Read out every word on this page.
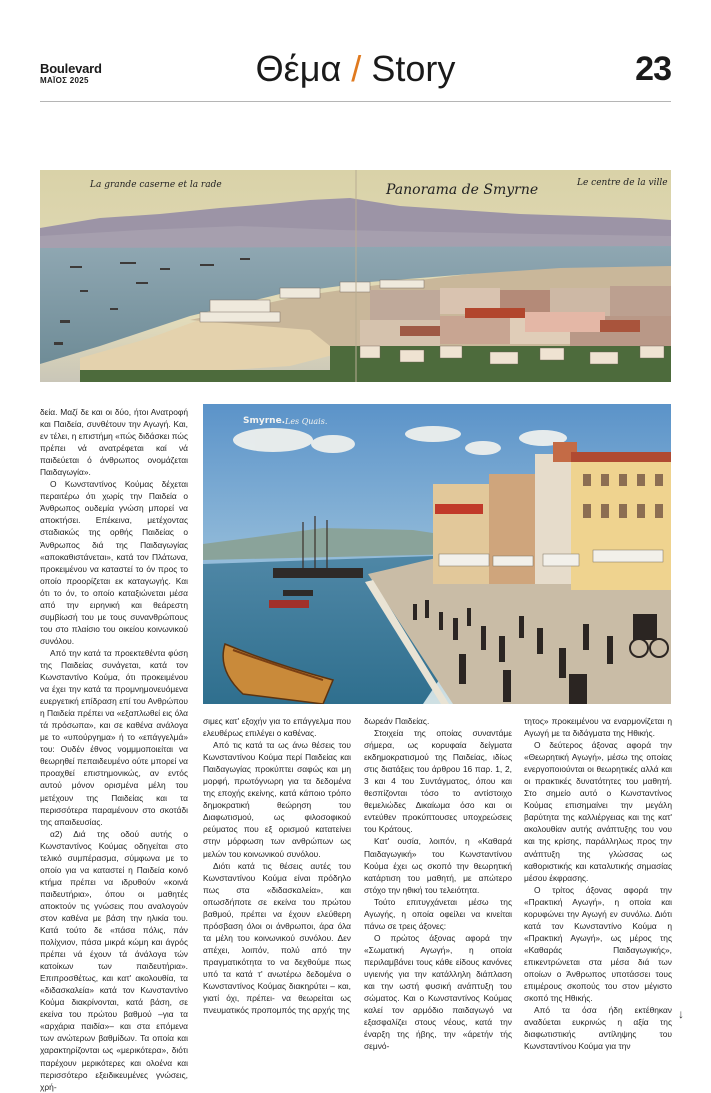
Boulevard
ΜΑΪΟΣ 2025	Θέμα / Story	23
La grande caserne et la rade	Panorama de Smyrne	Le centre de la ville
Smyrne. Les Quais.

δεία. Μαζί δε και οι δύο, ήτοι Ανατροφή και Παιδεία, συνθέτουν την Αγωγή. Και, εν τέλει, η επιστήμη «πώς διδάσκει πώς πρέπει νά ανατρέφεται καί νά παιδεύεται ό άνθρωπος ονομάζεται Παιδαγωγία».

Ο Κωνσταντίνος Κούμας δέχεται περαιτέρω ότι χωρίς την Παιδεία ο Άνθρωπος ουδεμία γνώση μπορεί να αποκτήσει. Επέκεινα, μετέχοντας σταδιακώς της ορθής Παιδείας ο Άνθρωπος διά της Παιδαγωγίας «αποκαθιστάνεται», κατά τον Πλάτωνα, προκειμένου να καταστεί το όν προς το οποίο προορίζεται εκ καταγωγής. Και ότι το όν, το οποίο καταξιώνεται μέσα από την ειρηνική και θεάρεστη συμβίωσή του με τους συνανθρώπους του στο πλαίσιο του οικείου κοινωνικού συνόλου.

Από την κατά τα προεκτεθέντα φύση της Παιδείας συνάγεται, κατά τον Κωνσταντίνο Κούμα, ότι προκειμένου να έχει την κατά τα προμνημονευόμενα ευεργετική επίδραση επί του Ανθρώπου η Παιδεία πρέπει να «εξαπλωθεί εις όλα τά πρόσωπα», και σε καθένα ανάλογα με το «υπούργημα» ή το «επάγγελμά» του: Ουδέν έθνος νομμμοποιείται να θεωρηθεί πεπαιδευμένο ούτε μπορεί να προαχθεί επιστημονικώς, αν εντός αυτού μόνον ορισμένα μέλη του μετέχουν της Παιδείας και τα περισσότερα παραμένουν στο σκοτάδι της απαιδευσίας.

α2) Διά της οδού αυτής ο Κωνσταντίνος Κούμας οδηγείται στο τελικό συμπέρασμα, σύμφωνα με το οποίο για να καταστεί η Παιδεία κοινό κτήμα πρέπει να ιδρυθούν «κοινά παιδευτήρια», όπου οι μαθητές αποκτούν τις γνώσεις που αναλογούν στον καθένα με βάση την ηλικία του. Κατά τούτο δε «πάσα πόλις, πάν πολίχνιον, πάσα μικρά κώμη και άγρός πρέπει νά έχουν τά άνάλογα τών κατοίκων των παιδευτήρια». Επιπροσθέτως, και κατ' ακολουθία, τα «διδασκαλεία» κατά τον Κωνσταντίνο Κούμα διακρίνονται, κατά βάση, σε εκείνα του πρώτου βαθμού –για τα «αρχάρια παιδία»– και στα επόμενα των ανώτερων βαθμίδων. Τα οποία και χαρακτηρίζονται ως «μερικότερα», διότι παρέχουν μερικότερες και ολοένα και περισσότερο εξειδικευμένες γνώσεις, χρή-

σιμες κατ' εξοχήν για το επάγγελμα που ελευθέρως επιλέγει ο καθένας.

Από τις κατά τα ως άνω θέσεις του Κωνσταντίνου Κούμα περί Παιδείας και Παιδαγωγίας προκύπτει σαφώς και μη μορφή, πρωτόγνωρη για τα δεδομένα της εποχής εκείνης, κατά κάποιο τρόπο δημοκρατική θεώρηση του Διαφωτισμού, ως φιλοσοφικού ρεύματος που εξ ορισμού κατατείνει στην μόρφωση των ανθρώπων ως μελών του κοινωνικού συνόλου.

Διότι κατά τις θέσεις αυτές του Κωνσταντίνου Κούμα είναι πρόδηλο πως στα «διδασκαλεία», και οπωσδήποτε σε εκείνα του πρώτου βαθμού, πρέπει να έχουν ελεύθερη πρόσβαση όλοι οι άνθρωποι, άρα όλα τα μέλη του κοινωνικού συνόλου. Δεν απέχει, λοιπόν, πολύ από την πραγματικότητα το να δεχθούμε πως υπό τα κατά τ' ανωτέρω δεδομένα ο Κωνσταντίνος Κούμας διακηρύτει – και, γιατί όχι, πρέπει- να θεωρείται ως πνευματικός προπομπός της αρχής της

δωρεάν Παιδείας.

Στοιχεία της οποίας συναντάμε σήμερα, ως κορυφαία δείγματα εκδημοκρατισμού της Παιδείας, ιδίως στις διατάξεις του άρθρου 16 παρ. 1, 2, 3 και 4 του Συντάγματος, όπου και θεσπίζονται τόσο το αντίστοιχο θεμελιώδες Δικαίωμα όσο και οι εντεύθεν προκύπτουσες υποχρεώσεις του Κράτους.

Κατ' ουσία, λοιπόν, η «Καθαρά Παιδαγωγική» του Κωνσταντίνου Κούμα έχει ως σκοπό την θεωρητική κατάρτιση του μαθητή, με απώτερο στόχο την ηθική του τελειότητα.

Τούτο επιτυγχάνεται μέσω της Αγωγής, η οποία οφείλει να κινείται πάνω σε τρεις άξονες:

Ο πρώτος άξονας αφορά την «Σωματική Αγωγή», η οποία περιλαμβάνει τους κάθε είδους κανόνες υγιεινής για την κατάλληλη διάπλαση και την ωστή φυσική ανάπτυξη του σώματος. Και ο Κωνσταντίνος Κούμας καλεί τον αρμόδιο παιδαγωγό να εξασφαλίζει στους νέους, κατά την έναρξη της ήβης, την «άρετήν τής σεμνό-

τητος» προκειμένου να εναρμονίζεται η Αγωγή με τα διδάγματα της Ηθικής.

Ο δεύτερος άξονας αφορά την «Θεωρητική Αγωγή», μέσω της οποίας ενεργοποιούνται οι θεωρητικές αλλά και οι πρακτικές δυνατότητες του μαθητή. Στο σημείο αυτό ο Κωνσταντίνος Κούμας επισημαίνει την μεγάλη βαρύτητα της καλλιέργειας και της κατ' ακολουθίαν αυτής ανάπτυξης του νου και της κρίσης, παράλληλως προς την ανάπτυξη της γλώσσας ως καθοριστικής και καταλυτικής σημασίας μέσου έκφρασης.

Ο τρίτος άξονας αφορά την «Πρακτική Αγωγή», η οποία και κορυφώνει την Αγωγή εν συνόλω. Διότι κατά τον Κωνσταντίνο Κούμα η «Πρακτική Αγωγή», ως μέρος της «Καθαράς Παιδαγωγικής», επικεντρώνεται στα μέσα διά των οποίων ο Άνθρωπος υποτάσσει τους επιμέρους σκοπούς του στον μέγιστο σκοπό της Ηθικής.

Από τα όσα ήδη εκτέθηκαν αναδύεται ευκρινώς η αξία της διαφωτιστικής αντίληψης του Κωνσταντίνου Κούμα για την

↓
